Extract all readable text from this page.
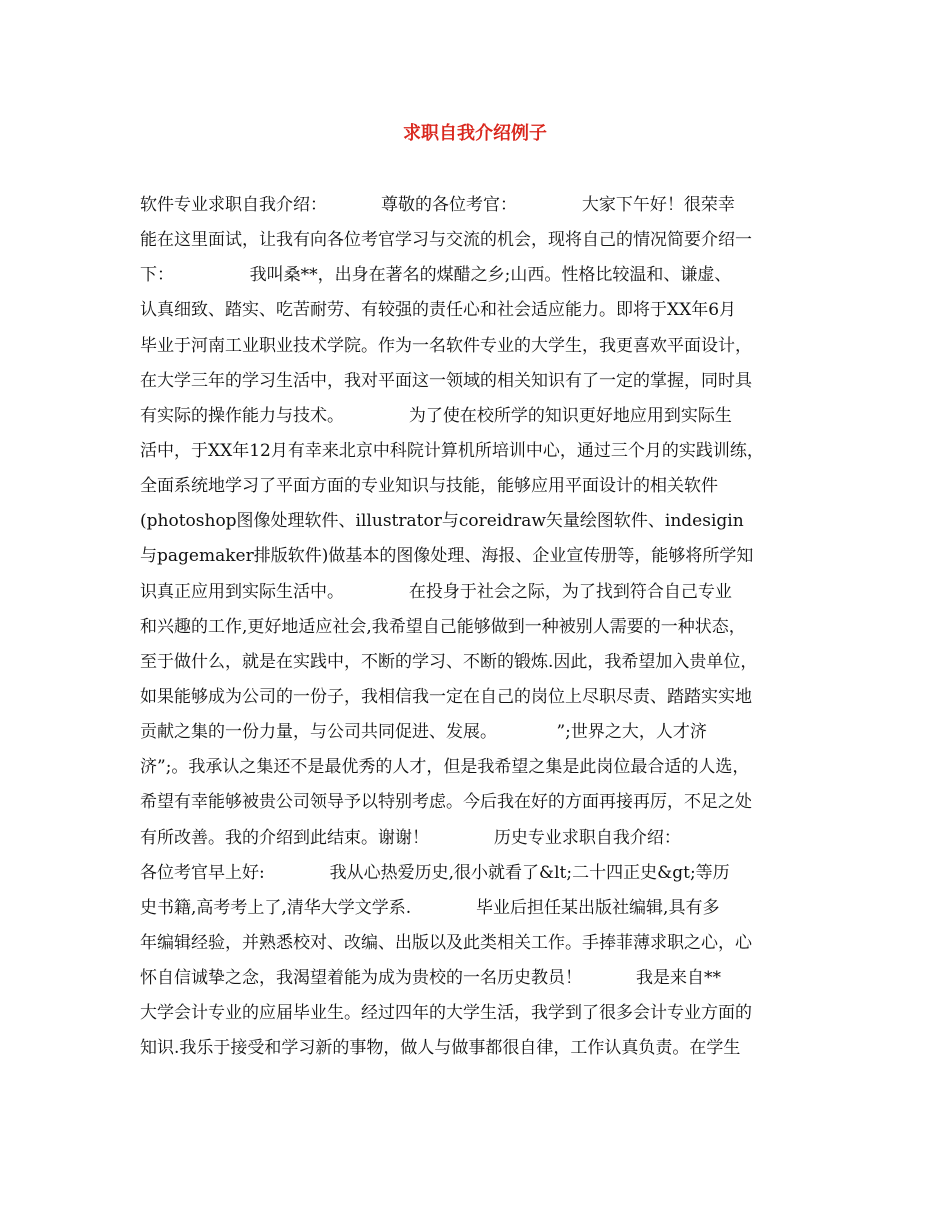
求职自我介绍例子
软件专业求职自我介绍：          尊敬的各位考官：            大家下午好！很荣幸
能在这里面试，让我有向各位考官学习与交流的机会，现将自己的情况简要介绍一
下：              我叫桑**，出身在著名的煤醋之乡;山西。性格比较温和、谦虚、
认真细致、踏实、吃苦耐劳、有较强的责任心和社会适应能力。即将于XX年6月
毕业于河南工业职业技术学院。作为一名软件专业的大学生，我更喜欢平面设计，
在大学三年的学习生活中，我对平面这一领域的相关知识有了一定的掌握，同时具
有实际的操作能力与技术。            为了使在校所学的知识更好地应用到实际生
活中，于XX年12月有幸来北京中科院计算机所培训中心，通过三个月的实践训练，
全面系统地学习了平面方面的专业知识与技能，能够应用平面设计的相关软件
(photoshop图像处理软件、illustrator与coreidraw矢量绘图软件、indesigin
与pagemaker排版软件)做基本的图像处理、海报、企业宣传册等，能够将所学知
识真正应用到实际生活中。            在投身于社会之际，为了找到符合自己专业
和兴趣的工作,更好地适应社会,我希望自己能够做到一种被别人需要的一种状态，
至于做什么，就是在实践中，不断的学习、不断的锻炼.因此，我希望加入贵单位，
如果能够成为公司的一份子，我相信我一定在自己的岗位上尽职尽责、踏踏实实地
贡献之集的一份力量，与公司共同促进、发展。           ”;世界之大，人才济
济”;。我承认之集还不是最优秀的人才，但是我希望之集是此岗位最合适的人选，
希望有幸能够被贵公司领导予以特别考虑。今后我在好的方面再接再厉，不足之处
有所改善。我的介绍到此结束。谢谢！            历史专业求职自我介绍：
各位考官早上好:            我从心热爱历史,很小就看了&lt;二十四正史&gt;等历
史书籍,高考考上了,清华大学文学系.            毕业后担任某出版社编辑,具有多
年编辑经验，并熟悉校对、改编、出版以及此类相关工作。手捧菲薄求职之心，心
怀自信诚挚之念，我渴望着能为成为贵校的一名历史教员！          我是来自**
大学会计专业的应届毕业生。经过四年的大学生活，我学到了很多会计专业方面的
知识.我乐于接受和学习新的事物，做人与做事都很自律，工作认真负责。在学生
